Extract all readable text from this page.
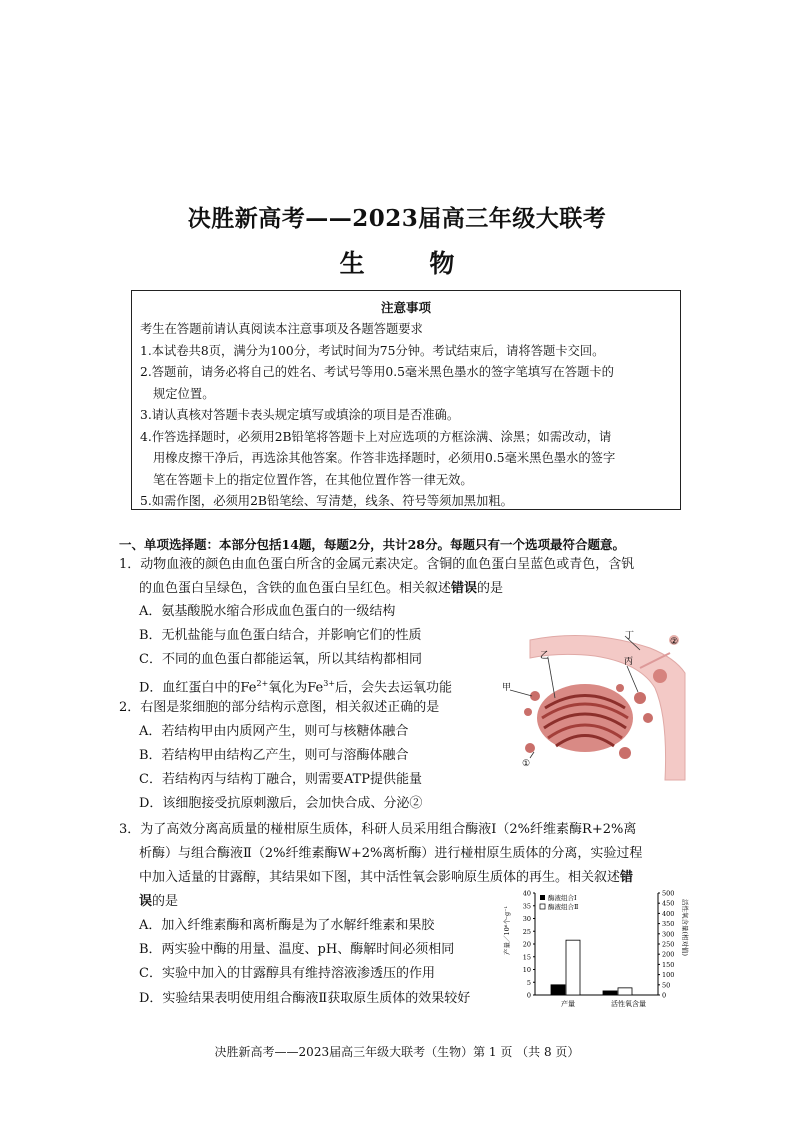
决胜新高考——2023届高三年级大联考
生 物
注意事项
考生在答题前请认真阅读本注意事项及各题答题要求
1.本试卷共8页，满分为100分，考试时间为75分钟。考试结束后，请将答题卡交回。
2.答题前，请务必将自己的姓名、考试号等用0.5毫米黑色墨水的签字笔填写在答题卡的
规定位置。
3.请认真核对答题卡表头规定填写或填涂的项目是否准确。
4.作答选择题时，必须用2B铅笔将答题卡上对应选项的方框涂满、涂黑；如需改动，请
用橡皮擦干净后，再选涂其他答案。作答非选择题时，必须用0.5毫米黑色墨水的签字
笔在答题卡上的指定位置作答，在其他位置作答一律无效。
5.如需作图，必须用2B铅笔绘、写清楚，线条、符号等须加黑加粗。
一、单项选择题：本部分包括14题，每题2分，共计28分。每题只有一个选项最符合题意。
1．动物血液的颜色由血色蛋白所含的金属元素决定。含铜的血色蛋白呈蓝色或青色，含钒
的血色蛋白呈绿色，含铁的血色蛋白呈红色。相关叙述错误的是
A．氨基酸脱水缩合形成血色蛋白的一级结构
B．无机盐能与血色蛋白结合，并影响它们的性质
C．不同的血色蛋白都能运氧，所以其结构都相同
D．血红蛋白中的$Fe^{2+}$氧化为$Fe^{3+}$后，会失去运氧功能
2．右图是浆细胞的部分结构示意图，相关叙述正确的是
A．若结构甲由内质网产生，则可与核糖体融合
B．若结构甲由结构乙产生，则可与溶酶体融合
C．若结构丙与结构丁融合，则需要ATP提供能量
D．该细胞接受抗原刺激后，会加快合成、分泌②
丁
②
乙
丙
甲
①
3．为了高效分离高质量的椪柑原生质体，科研人员采用组合酶液Ⅰ（2%纤维素酶R+2%离
析酶）与组合酶液Ⅱ（2%纤维素酶W+2%离析酶）进行椪柑原生质体的分离，实验过程
中加入适量的甘露醇，其结果如下图，其中活性氧会影响原生质体的再生。相关叙述错
误的是
A．加入纤维素酶和离析酶是为了水解纤维素和果胶
B．两实验中酶的用量、温度、pH、酶解时间必须相同
C．实验中加入的甘露醇具有维持溶液渗透压的作用
D．实验结果表明使用组合酶液Ⅱ获取原生质体的效果较好
产量／10⁶个·g⁻¹	活性氧含量(相对值)
酶液组合Ⅰ
酶液组合Ⅱ
产量	活性氧含量
0
5
10
15
20
25
30
35
40
0
50
100
150
200
250
300
350
400
450
500
决胜新高考——2023届高三年级大联考（生物）第 1 页 （共 8 页）
